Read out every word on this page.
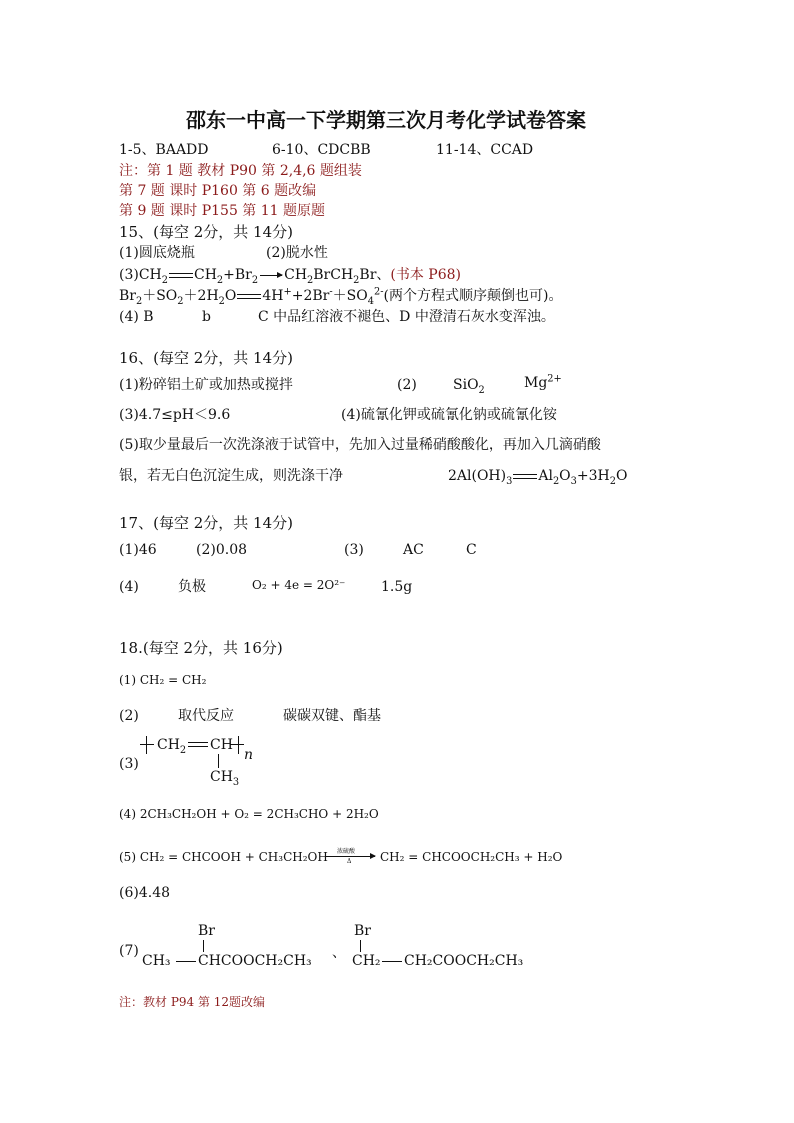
邵东一中高一下学期第三次月考化学试卷答案
1-5、BAADD	6-10、CDCBB	11-14、CCAD
注：第 1 题 教材 P90 第 2,4,6 题组装
第 7 题 课时 P160 第 6 题改编
第 9 题 课时 P155 第 11 题原题
15、(每空 2分，共 14分)
(1)圆底烧瓶	(2)脱水性
$(3)CH_2$ $CH_2+Br_2$ $CH_2BrCH_2Br$、(书本 P68)
$Br_2+SO_2+2H_2O$ $4H^++2Br^-+SO_4^{2-}$(两个方程式顺序颠倒也可)。
(4) B	b	C 中品红溶液不褪色、D 中澄清石灰水变浑浊。
16、(每空 2分，共 14分)
(1)粉碎铝土矿或加热或搅拌	(2)	SiO$_2$	$Mg^{2+}$
(3)4.7≤pH＜9.6	(4)硫氰化钾或硫氰化钠或硫氰化铵
(5)取少量最后一次洗涤液于试管中，先加入过量稀硝酸酸化，再加入几滴硝酸
银，若无白色沉淀生成，则洗涤干净	$2Al(OH)_3$ $Al_2O_3+3H_2O$
17、(每空 2分，共 14分)
(1)46	(2)0.08	(3)	AC	C
(4)	负极	O₂ + 4e = 2O²⁻	1.5g
18.(每空 2分，共 16分)
(1) CH₂ = CH₂
(2)	取代反应	碳碳双键、酯基
(3)
$CH_2$ CH
n
$CH_3$
(4) 2CH₃CH₂OH + O₂ = 2CH₃CHO + 2H₂O
(5) CH₂ = CHCOOH + CH₃CH₂OH 浓硫酸
Δ CH₂ = CHCOOCH₂CH₃ + H₂O
(6)4.48
(7)
Br
CH₃ CHCOOCH₂CH₃ 、
Br
CH₂ CH₂COOCH₂CH₃
注：教材 P94 第 12题改编
